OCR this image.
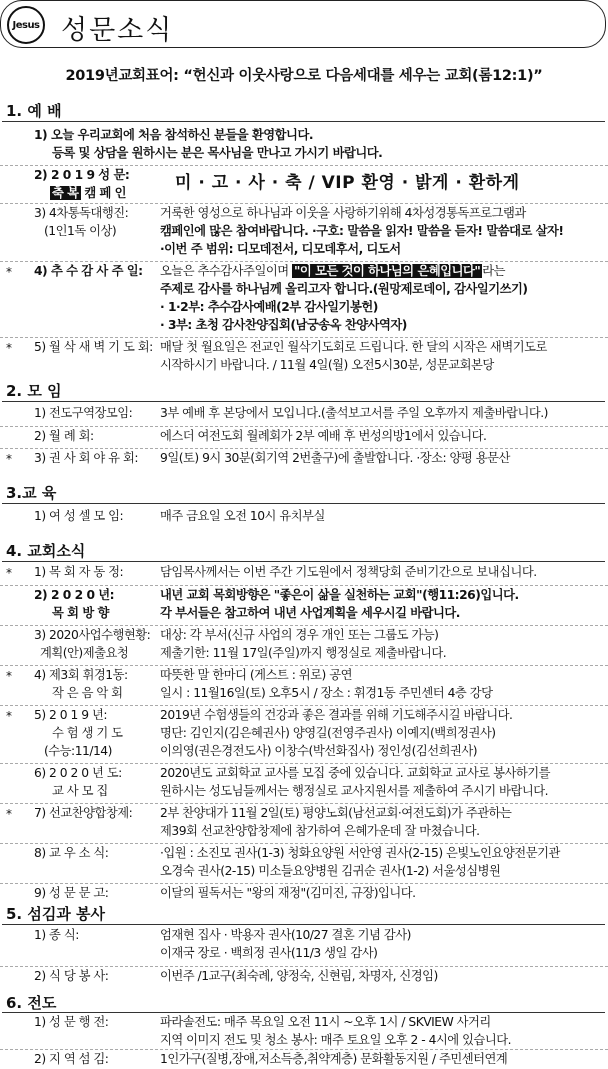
Jesus 성문소식
2019년교회표어: “헌신과 이웃사랑으로 다음세대를 세우는 교회(롬12:1)”
1. 예 배
1) 오늘 우리교회에 처음 참석하신 분들을 환영합니다.
등록 및 상담을 원하시는 분은 목사님을 만나고 가시기 바랍니다.
2) 2 0 1 9 성 문:
축 복 캠 페 인	미 · 고 · 사 · 축 / VIP 환영 · 밝게 · 환하게
3) 4차통독대행진:
(1인1독 이상)
거룩한 영성으로 하나님과 이웃을 사랑하기위해 4차성경통독프로그램과
캠페인에 많은 참여바랍니다. ·구호: 말씀을 읽자! 말씀을 듣자! 말씀대로 살자!
·이번 주 범위: 디모데전서, 디모데후서, 디도서
* 4) 추 수 감 사 주 일:	오늘은 추수감사주일이며 "이 모든 것이 하나님의 은혜입니다" 라는
주제로 감사를 하나님께 올리고자 합니다.(원망제로데이, 감사일기쓰기)
· 1·2부: 추수감사예배(2부 감사일기봉헌)
· 3부: 초청 감사찬양집회(남궁송옥 찬양사역자)
* 5) 월 삭 새 벽 기 도 회: 매달 첫 월요일은 전교인 월삭기도회로 드립니다. 한 달의 시작은 새벽기도로
시작하시기 바랍니다. / 11월 4일(월) 오전5시30분, 성문교회본당
2. 모 임
1) 전도구역장모임:	3부 예배 후 본당에서 모입니다.(출석보고서를 주일 오후까지 제출바랍니다.)
2) 월 례 회:	에스더 여전도회 월례회가 2부 예배 후 번성의방1에서 있습니다.
* 3) 권 사 회 야 유 회:	9일(토) 9시 30분(회기역 2번출구)에 출발합니다. ·장소: 양평 용문산
3.교 육
1) 여 성 셀 모 임:	매주 금요일 오전 10시 유치부실
4. 교회소식
* 1) 목 회 자 동 정:	담임목사께서는 이번 주간 기도원에서 정책당회 준비기간으로 보내십니다.
2) 2 0 2 0 년:
목 회 방 향
내년 교회 목회방향은 "좋은이 삶을 실천하는 교회"(행11:26)입니다.
각 부서들은 참고하여 내년 사업계획을 세우시길 바랍니다.
3) 2020사업수행현황:
계획(안)제출요청
대상: 각 부서(신규 사업의 경우 개인 또는 그룹도 가능)
제출기한: 11월 17일(주일)까지 행정실로 제출바랍니다.
* 4) 제3회 휘경1동:
작 은 음 악 회
따뜻한 말 한마디 (게스트 : 위로) 공연
일시 : 11월16일(토) 오후5시 / 장소 : 휘경1동 주민센터 4층 강당
* 5) 2 0 1 9 년:
수 험 생 기 도
(수능:11/14)
2019년 수험생들의 건강과 좋은 결과를 위해 기도해주시길 바랍니다.
명단: 김인지(김은혜권사) 양영길(전영주권사) 이예지(백희정권사)
이의영(권은경전도사) 이창수(박선화집사) 정인성(김선희권사)
6) 2 0 2 0 년 도:
교 사 모 집
2020년도 교회학교 교사를 모집 중에 있습니다. 교회학교 교사로 봉사하기를
원하시는 성도님들께서는 행정실로 교사지원서를 제출하여 주시기 바랍니다.
* 7) 선교찬양합창제:	2부 찬양대가 11월 2일(토) 평양노회(남선교회·여전도회)가 주관하는
제39회 선교찬양합창제에 참가하여 은혜가운데 잘 마쳤습니다.
8) 교 우 소 식:	·입원 : 소진모 권사(1-3) 청화요양원 서안영 권사(2-15) 은빛노인요양전문기관
오경숙 권사(2-15) 미소들요양병원 김귀순 권사(1-2) 서울성심병원
9) 성 문 문 고:	이달의 필독서는 "왕의 재정"(김미진, 규장)입니다.
5. 섬김과 봉사
1) 종 식:	엄재현 집사 · 박용자 권사(10/27 결혼 기념 감사)
이재국 장로 · 백희정 권사(11/3 생일 감사)
2) 식 당 봉 사:	이번주 /1교구(최숙례, 양정숙, 신현림, 차명자, 신경임)
6. 전도
1) 성 문 행 전:	파라솔전도: 매주 목요일 오전 11시 ~오후 1시 / SKVIEW 사거리
지역 이미지 전도 및 청소 봉사: 매주 토요일 오후 2 - 4시에 있습니다.
2) 지 역 섬 김:	1인가구(질병,장애,저소득층,취약계층) 문화활동지원 / 주민센터연계
